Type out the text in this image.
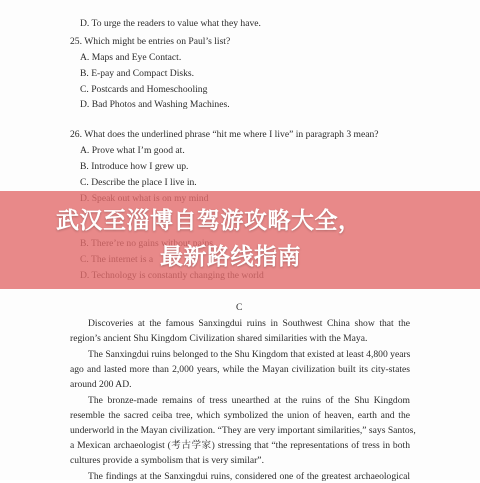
D. To urge the readers to value what they have.
25. Which might be entries on Paul’s list?
A. Maps and Eye Contact.
B. E-pay and Compact Disks.
C. Postcards and Homeschooling
D. Bad Photos and Washing Machines.
26. What does the underlined phrase “hit me where I live” in paragraph 3 mean?
A. Prove what I’m good at.
B. Introduce how I grew up.
C. Describe the place I live in.
C
Discoveries at the famous Sanxingdui ruins in Southwest China show that the
region’s ancient Shu Kingdom Civilization shared similarities with the Maya.
The Sanxingdui ruins belonged to the Shu Kingdom that existed at least 4,800 years
ago and lasted more than 2,000 years, while the Mayan civilization built its city-states
around 200 AD.
The bronze-made remains of tress unearthed at the ruins of the Shu Kingdom
resemble the sacred ceiba tree, which symbolized the union of heaven, earth and the
underworld in the Mayan civilization. “They are very important similarities,” says Santos,
a Mexican archaeologist (考古学家) stressing that “the representations of tress in both
cultures provide a symbolism that is very similar”.
The findings at the Sanxingdui ruins, considered one of the greatest archaeological
武汉至淄博自驾游攻略大全，
最新路线指南
